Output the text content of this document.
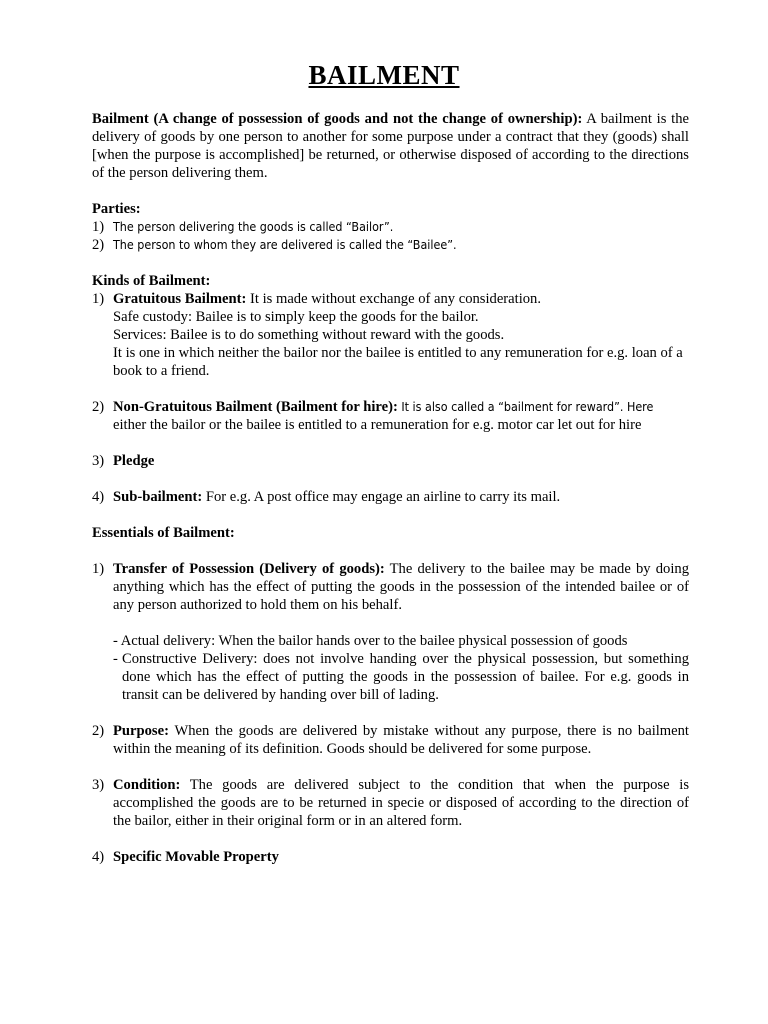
BAILMENT

Bailment (A change of possession of goods and not the change of ownership): A bailment is the delivery of goods by one person to another for some purpose under a contract that they (goods) shall [when the purpose is accomplished] be returned, or otherwise disposed of according to the directions of the person delivering them.

Parties:

1) The person delivering the goods is called “Bailor”.
2) The person to whom they are delivered is called the “Bailee”.

Kinds of Bailment:

1) Gratuitous Bailment: It is made without exchange of any consideration.

Safe custody: Bailee is to simply keep the goods for the bailor.

Services: Bailee is to do something without reward with the goods.

It is one in which neither the bailor nor the bailee is entitled to any remuneration for e.g. loan of a book to a friend.

2) Non-Gratuitous Bailment (Bailment for hire): It is also called a “bailment for reward”. Here either the bailor or the bailee is entitled to a remuneration for e.g. motor car let out for hire

3) Pledge

4) Sub-bailment: For e.g. A post office may engage an airline to carry its mail.

Essentials of Bailment:

1) Transfer of Possession (Delivery of goods): The delivery to the bailee may be made by doing anything which has the effect of putting the goods in the possession of the intended bailee or of any person authorized to hold them on his behalf.

- Actual delivery: When the bailor hands over to the bailee physical possession of goods

- Constructive Delivery: does not involve handing over the physical possession, but something done which has the effect of putting the goods in the possession of bailee. For e.g. goods in transit can be delivered by handing over bill of lading.

2) Purpose: When the goods are delivered by mistake without any purpose, there is no bailment within the meaning of its definition. Goods should be delivered for some purpose.

3) Condition: The goods are delivered subject to the condition that when the purpose is accomplished the goods are to be returned in specie or disposed of according to the direction of the bailor, either in their original form or in an altered form.

4) Specific Movable Property
